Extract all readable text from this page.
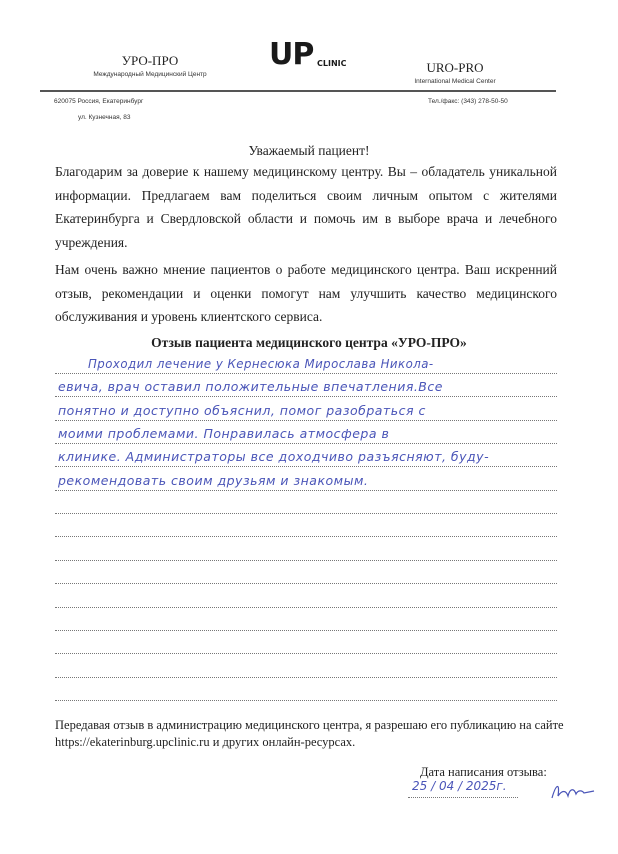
УРО-ПРО
Международный Медицинский Центр
UP CLINIC	URO-PRO
International Medical Center
620075 Россия, Екатеринбург
ул. Кузнечная, 83
Тел./факс: (343) 278-50-50
Уважаемый пациент!
Благодарим за доверие к нашему медицинскому центру. Вы – обладатель уникальной информации. Предлагаем вам поделиться своим личным опытом с жителями Екатеринбурга и Свердловской области и помочь им в выборе врача и лечебного учреждения.
Нам очень важно мнение пациентов о работе медицинского центра. Ваш искренний отзыв, рекомендации и оценки помогут нам улучшить качество медицинского обслуживания и уровень клиентского сервиса.
Отзыв пациента медицинского центра «УРО-ПРО»
Проходил лечение у Кернесюка Мирослава Никола-
евича, врач оставил положительные впечатления.Все
понятно и доступно объяснил, помог разобраться с
моими проблемами. Понравилась атмосфера в
клинике. Администраторы все доходчиво разъясняют, буду-
рекомендовать своим друзьям и знакомым.
Передавая отзыв в администрацию медицинского центра, я разрешаю его публикацию на сайте https://ekaterinburg.upclinic.ru и других онлайн-ресурсах.
Дата написания отзыва:
25 / 04 / 2025г.
